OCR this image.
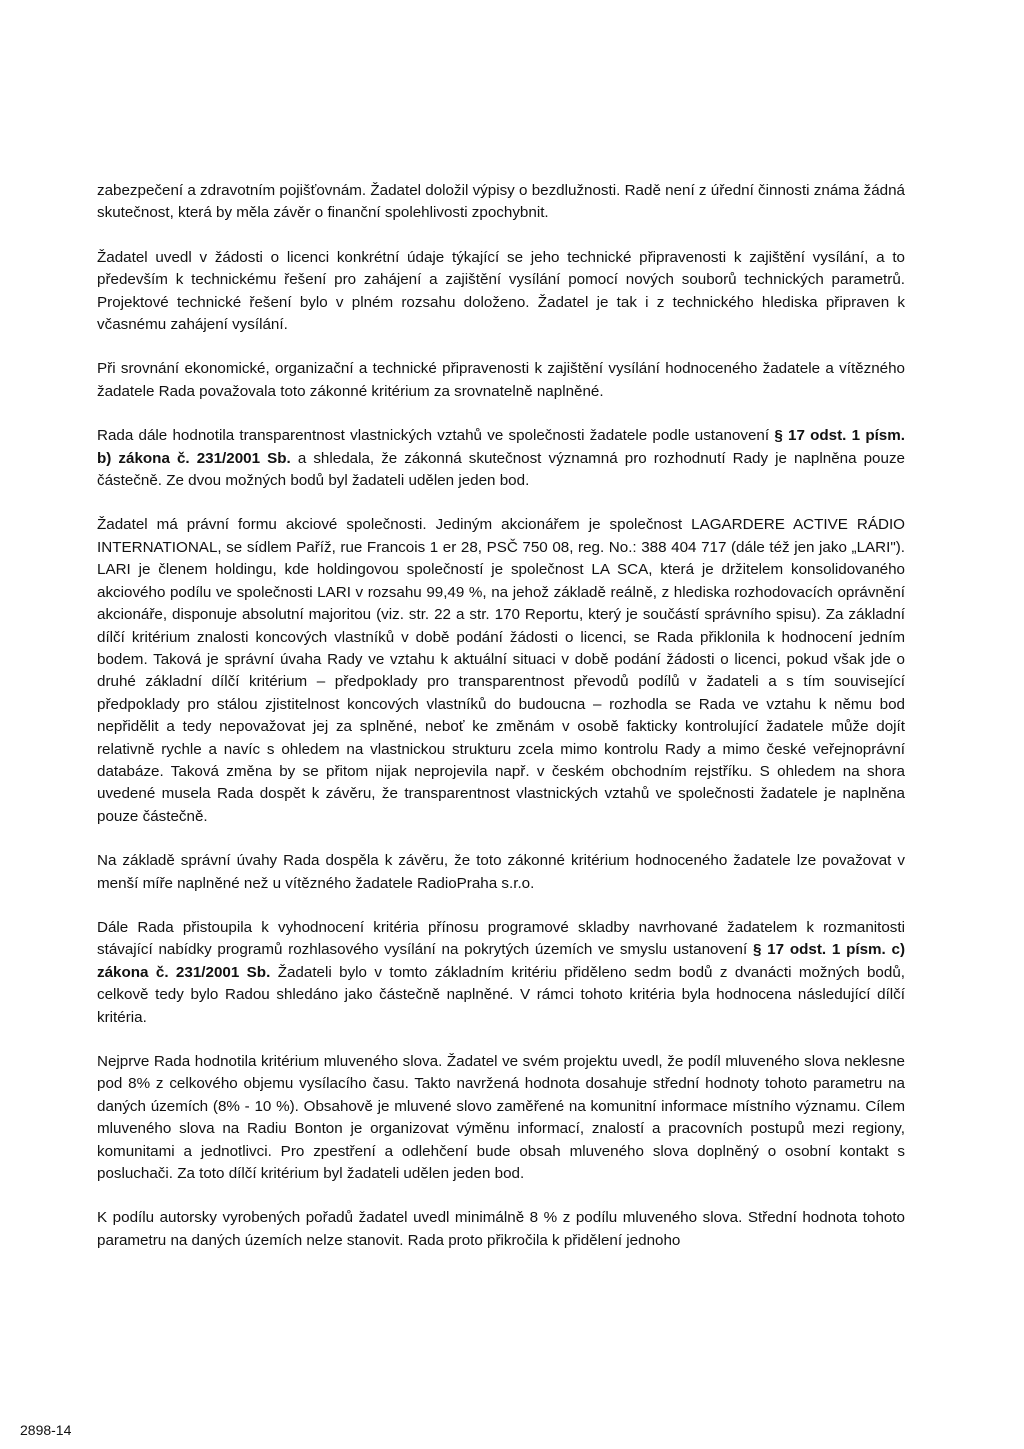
zabezpečení a zdravotním pojišťovnám. Žadatel doložil výpisy o bezdlužnosti. Radě není z úřední činnosti známa žádná skutečnost, která by měla závěr o finanční spolehlivosti zpochybnit.

Žadatel uvedl v žádosti o licenci konkrétní údaje týkající se jeho technické připravenosti k zajištění vysílání, a to především k technickému řešení pro zahájení a zajištění vysílání pomocí nových souborů technických parametrů. Projektové technické řešení bylo v plném rozsahu doloženo. Žadatel je tak i z technického hlediska připraven k včasnému zahájení vysílání.

Při srovnání ekonomické, organizační a technické připravenosti k zajištění vysílání hodnoceného žadatele a vítězného žadatele Rada považovala toto zákonné kritérium za srovnatelně naplněné.

Rada dále hodnotila transparentnost vlastnických vztahů ve společnosti žadatele podle ustanovení § 17 odst. 1 písm. b) zákona č. 231/2001 Sb. a shledala, že zákonná skutečnost významná pro rozhodnutí Rady je naplněna pouze částečně. Ze dvou možných bodů byl žadateli udělen jeden bod.

Žadatel má právní formu akciové společnosti. Jediným akcionářem je společnost LAGARDERE ACTIVE RÁDIO INTERNATIONAL, se sídlem Paříž, rue Francois 1 er 28, PSČ 750 08, reg. No.: 388 404 717 (dále též jen jako „LARI"). LARI je členem holdingu, kde holdingovou společností je společnost LA SCA, která je držitelem konsolidovaného akciového podílu ve společnosti LARI v rozsahu 99,49 %, na jehož základě reálně, z hlediska rozhodovacích oprávnění akcionáře, disponuje absolutní majoritou (viz. str. 22 a str. 170 Reportu, který je součástí správního spisu). Za základní dílčí kritérium znalosti koncových vlastníků v době podání žádosti o licenci, se Rada přiklonila k hodnocení jedním bodem. Taková je správní úvaha Rady ve vztahu k aktuální situaci v době podání žádosti o licenci, pokud však jde o druhé základní dílčí kritérium – předpoklady pro transparentnost převodů podílů v žadateli a s tím související předpoklady pro stálou zjistitelnost koncových vlastníků do budoucna – rozhodla se Rada ve vztahu k němu bod nepřidělit a tedy nepovažovat jej za splněné, neboť ke změnám v osobě fakticky kontrolující žadatele může dojít relativně rychle a navíc s ohledem na vlastnickou strukturu zcela mimo kontrolu Rady a mimo české veřejnoprávní databáze. Taková změna by se přitom nijak neprojevila např. v českém obchodním rejstříku. S ohledem na shora uvedené musela Rada dospět k závěru, že transparentnost vlastnických vztahů ve společnosti žadatele je naplněna pouze částečně.

Na základě správní úvahy Rada dospěla k závěru, že toto zákonné kritérium hodnoceného žadatele lze považovat v menší míře naplněné než u vítězného žadatele RadioPraha s.r.o.

Dále Rada přistoupila k vyhodnocení kritéria přínosu programové skladby navrhované žadatelem k rozmanitosti stávající nabídky programů rozhlasového vysílání na pokrytých územích ve smyslu ustanovení § 17 odst. 1 písm. c) zákona č. 231/2001 Sb. Žadateli bylo v tomto základním kritériu přiděleno sedm bodů z dvanácti možných bodů, celkově tedy bylo Radou shledáno jako částečně naplněné. V rámci tohoto kritéria byla hodnocena následující dílčí kritéria.

Nejprve Rada hodnotila kritérium mluveného slova. Žadatel ve svém projektu uvedl, že podíl mluveného slova neklesne pod 8% z celkového objemu vysílacího času. Takto navržená hodnota dosahuje střední hodnoty tohoto parametru na daných územích (8% - 10 %). Obsahově je mluvené slovo zaměřené na komunitní informace místního významu. Cílem mluveného slova na Radiu Bonton je organizovat výměnu informací, znalostí a pracovních postupů mezi regiony, komunitami a jednotlivci. Pro zpestření a odlehčení bude obsah mluveného slova doplněný o osobní kontakt s posluchači. Za toto dílčí kritérium byl žadateli udělen jeden bod.

K podílu autorsky vyrobených pořadů žadatel uvedl minimálně 8 % z podílu mluveného slova. Střední hodnota tohoto parametru na daných územích nelze stanovit. Rada proto přikročila k přidělení jednoho

2898-14
